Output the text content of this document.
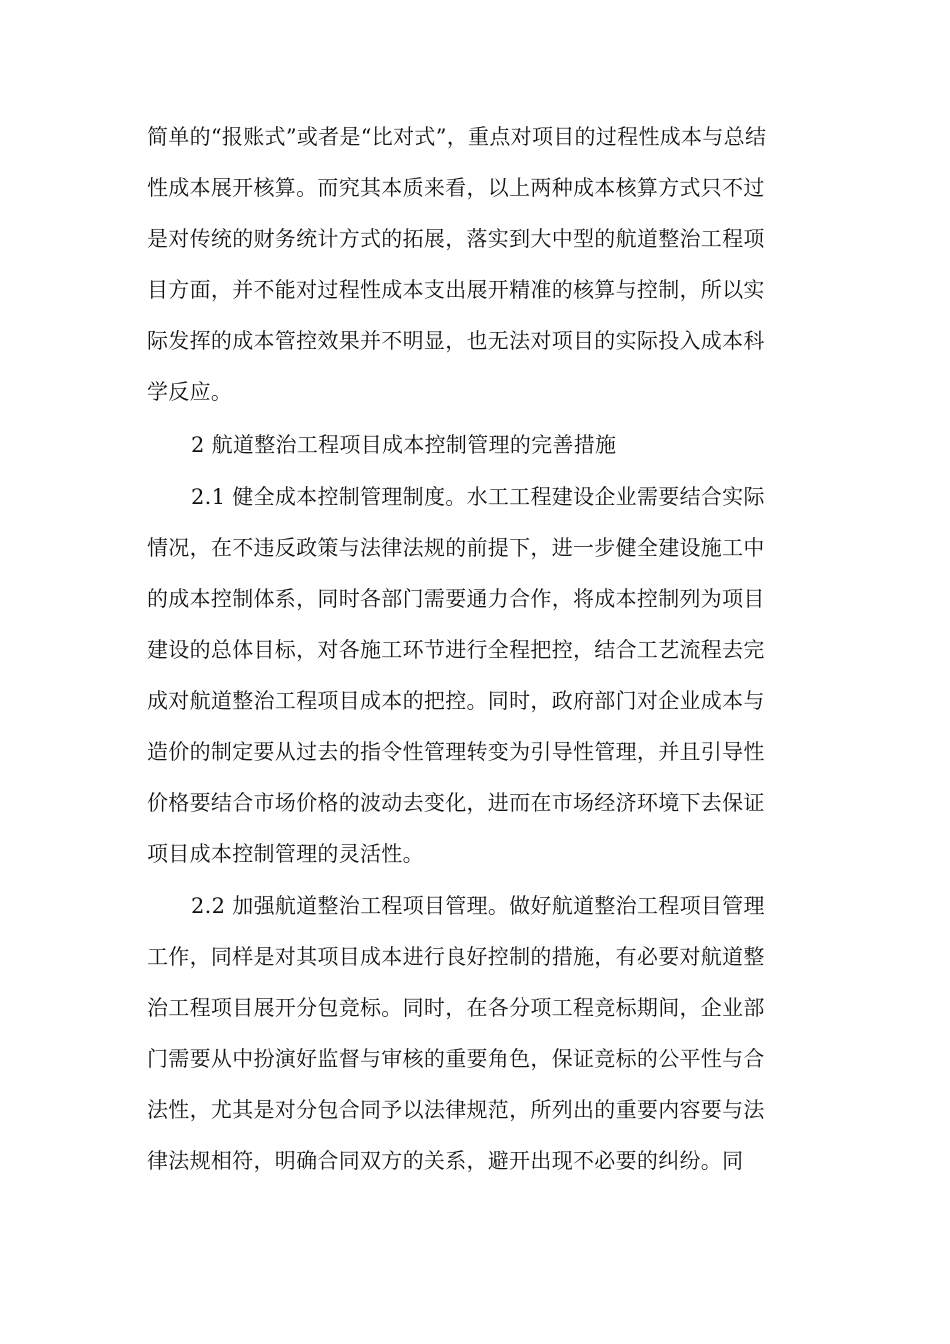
简单的“报账式”或者是“比对式”，重点对项目的过程性成本与总结
性成本展开核算。而究其本质来看，以上两种成本核算方式只不过
是对传统的财务统计方式的拓展，落实到大中型的航道整治工程项
目方面，并不能对过程性成本支出展开精准的核算与控制，所以实
际发挥的成本管控效果并不明显，也无法对项目的实际投入成本科
学反应。
2 航道整治工程项目成本控制管理的完善措施
2.1 健全成本控制管理制度。水工工程建设企业需要结合实际
情况，在不违反政策与法律法规的前提下，进一步健全建设施工中
的成本控制体系，同时各部门需要通力合作，将成本控制列为项目
建设的总体目标，对各施工环节进行全程把控，结合工艺流程去完
成对航道整治工程项目成本的把控。同时，政府部门对企业成本与
造价的制定要从过去的指令性管理转变为引导性管理，并且引导性
价格要结合市场价格的波动去变化，进而在市场经济环境下去保证
项目成本控制管理的灵活性。
2.2 加强航道整治工程项目管理。做好航道整治工程项目管理
工作，同样是对其项目成本进行良好控制的措施，有必要对航道整
治工程项目展开分包竞标。同时，在各分项工程竞标期间，企业部
门需要从中扮演好监督与审核的重要角色，保证竞标的公平性与合
法性，尤其是对分包合同予以法律规范，所列出的重要内容要与法
律法规相符，明确合同双方的关系，避开出现不必要的纠纷。同
